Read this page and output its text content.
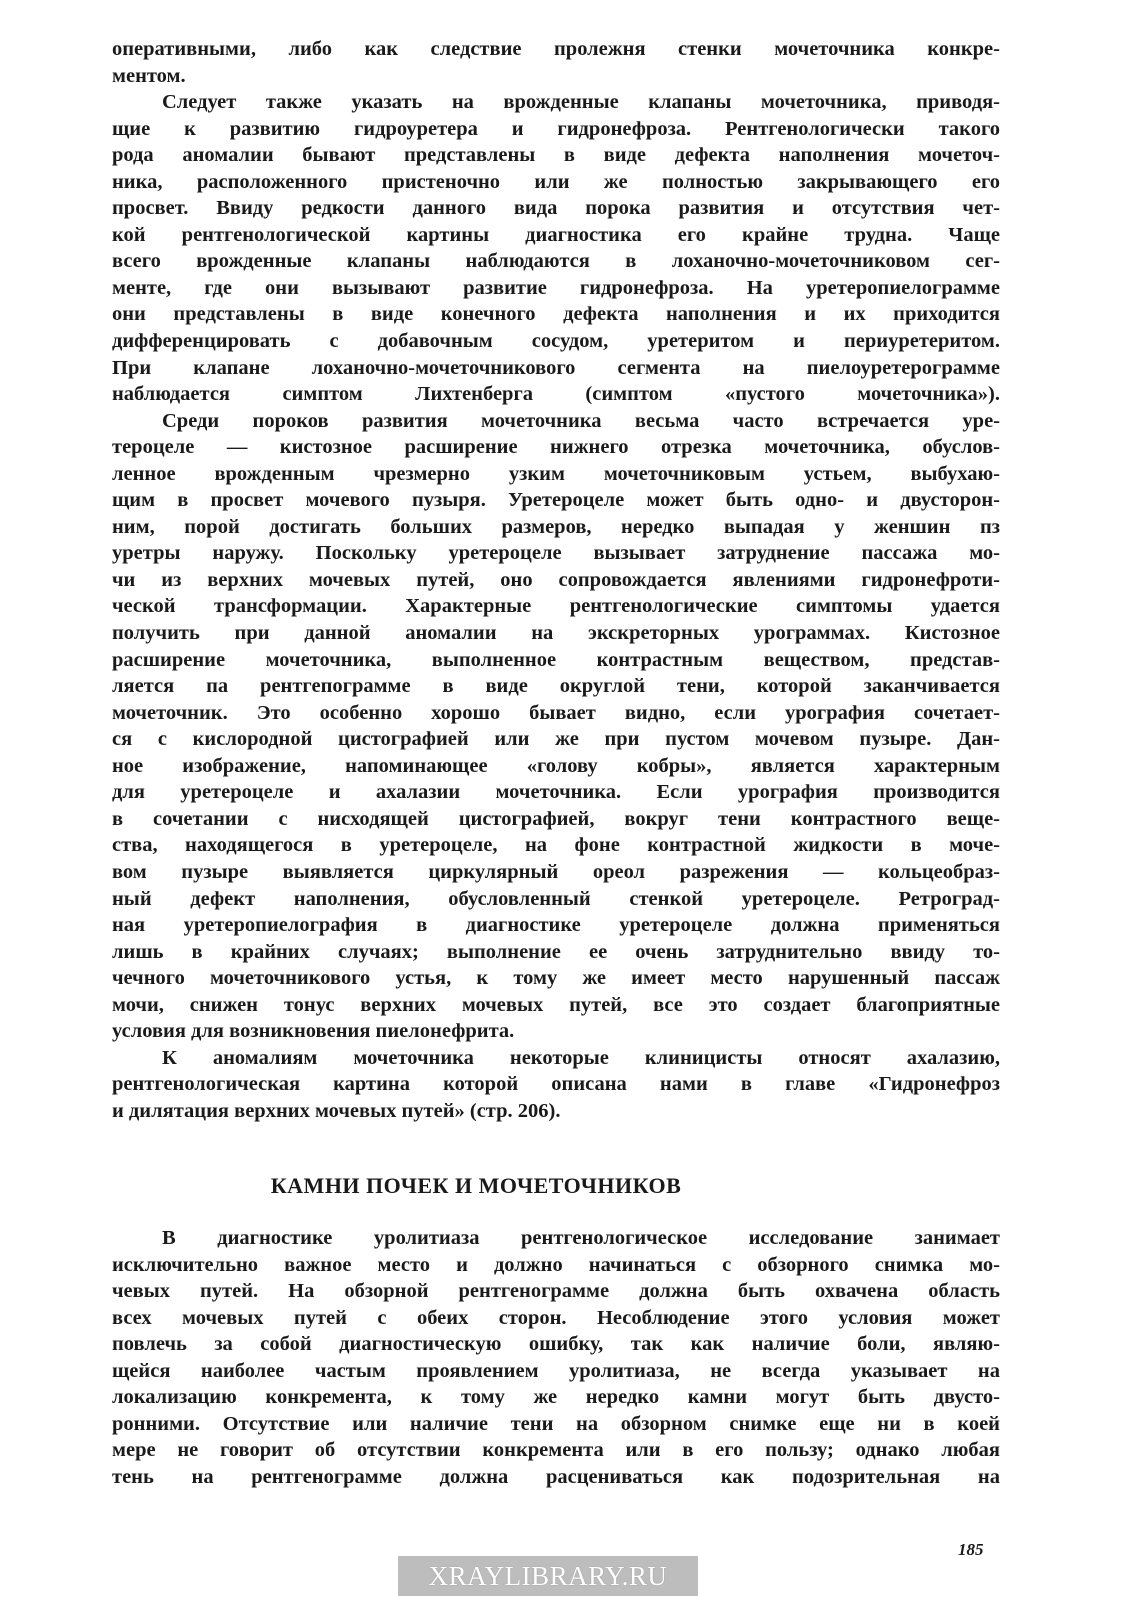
оперативными, либо как следствие пролежня стенки мочеточника конкре-
ментом.
Следует также указать на врожденные клапаны мочеточника, приводя-
щие к развитию гидроуретера и гидронефроза. Рентгенологически такого
рода аномалии бывают представлены в виде дефекта наполнения мочеточ-
ника, расположенного пристеночно или же полностью закрывающего его
просвет. Ввиду редкости данного вида порока развития и отсутствия чет-
кой рентгенологической картины диагностика его крайне трудна. Чаще
всего врожденные клапаны наблюдаются в лоханочно-мочеточниковом сег-
менте, где они вызывают развитие гидронефроза. На уретеропиелограмме
они представлены в виде конечного дефекта наполнения и их приходится
дифференцировать с добавочным сосудом, уретеритом и периуретеритом.
При клапане лоханочно-мочеточникового сегмента на пиелоуретерограмме
наблюдается симптом Лихтенберга (симптом «пустого мочеточника»).
Среди пороков развития мочеточника весьма часто встречается уре-
тероцеле — кистозное расширение нижнего отрезка мочеточника, обуслов-
ленное врожденным чрезмерно узким мочеточниковым устьем, выбухаю-
щим в просвет мочевого пузыря. Уретероцеле может быть одно- и двусторон-
ним, порой достигать больших размеров, нередко выпадая у женшин пз
уретры наружу. Поскольку уретероцеле вызывает затруднение пассажа мо-
чи из верхних мочевых путей, оно сопровождается явлениями гидронефроти-
ческой трансформации. Характерные рентгенологические симптомы удается
получить при данной аномалии на экскреторных урограммах. Кистозное
расширение мочеточника, выполненное контрастным веществом, представ-
ляется па рентгепограмме в виде округлой тени, которой заканчивается
мочеточник. Это особенно хорошо бывает видно, если урография сочетает-
ся с кислородной цистографией или же при пустом мочевом пузыре. Дан-
ное изображение, напоминающее «голову кобры», является характерным
для уретероцеле и ахалазии мочеточника. Если урография производится
в сочетании с нисходящей цистографией, вокруг тени контрастного веще-
ства, находящегося в уретероцеле, на фоне контрастной жидкости в моче-
вом пузыре выявляется циркулярный ореол разрежения — кольцеобраз-
ный дефект наполнения, обусловленный стенкой уретероцеле. Ретроград-
ная уретеропиелография в диагностике уретероцеле должна применяться
лишь в крайних случаях; выполнение ее очень затруднительно ввиду то-
чечного мочеточникового устья, к тому же имеет место нарушенный пассаж
мочи, снижен тонус верхних мочевых путей, все это создает благоприятные
условия для возникновения пиелонефрита.
К аномалиям мочеточника некоторые клиницисты относят ахалазию,
рентгенологическая картина которой описана нами в главе «Гидронефроз
и дилятация верхних мочевых путей» (стр. 206).
КАМНИ ПОЧЕК И МОЧЕТОЧНИКОВ
В диагностике уролитиаза рентгенологическое исследование занимает
исключительно важное место и должно начинаться с обзорного снимка мо-
чевых путей. На обзорной рентгенограмме должна быть охвачена область
всех мочевых путей с обеих сторон. Несоблюдение этого условия может
повлечь за собой диагностическую ошибку, так как наличие боли, являю-
щейся наиболее частым проявлением уролитиаза, не всегда указывает на
локализацию конкремента, к тому же нередко камни могут быть двусто-
ронними. Отсутствие или наличие тени на обзорном снимке еще ни в коей
мере не говорит об отсутствии конкремента или в его пользу; однако любая
тень на рентгенограмме должна расцениваться как подозрительная на
185
XRAYLIBRARY.RU
